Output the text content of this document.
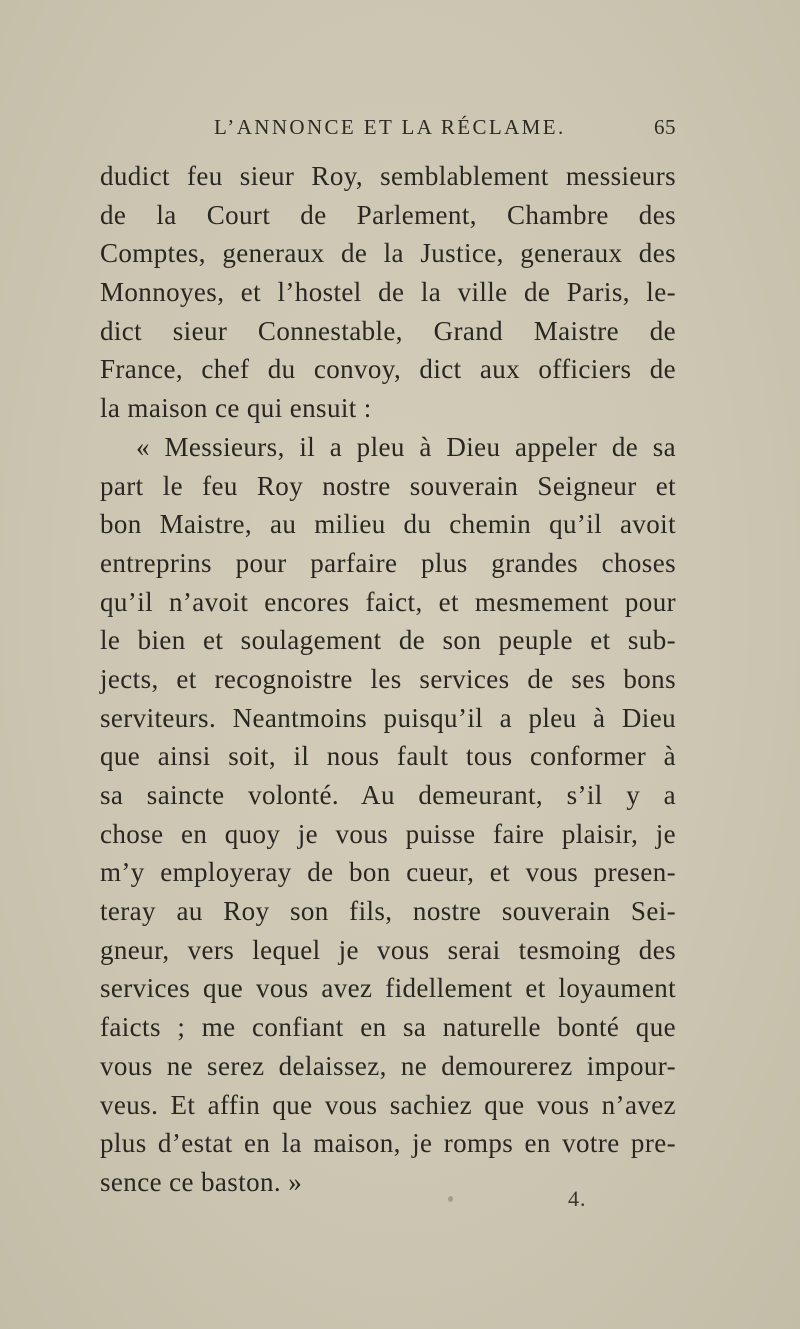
L’ANNONCE ET LA RÉCLAME.	65
dudict feu sieur Roy, semblablement messieurs
de la Court de Parlement, Chambre des
Comptes, generaux de la Justice, generaux des
Monnoyes, et l’hostel de la ville de Paris, le-
dict sieur Connestable, Grand Maistre de
France, chef du convoy, dict aux officiers de
la maison ce qui ensuit :
« Messieurs, il a pleu à Dieu appeler de sa
part le feu Roy nostre souverain Seigneur et
bon Maistre, au milieu du chemin qu’il avoit
entreprins pour parfaire plus grandes choses
qu’il n’avoit encores faict, et mesmement pour
le bien et soulagement de son peuple et sub-
jects, et recognoistre les services de ses bons
serviteurs. Neantmoins puisqu’il a pleu à Dieu
que ainsi soit, il nous fault tous conformer à
sa saincte volonté. Au demeurant, s’il y a
chose en quoy je vous puisse faire plaisir, je
m’y employeray de bon cueur, et vous presen-
teray au Roy son fils, nostre souverain Sei-
gneur, vers lequel je vous serai tesmoing des
services que vous avez fidellement et loyaument
faicts ; me confiant en sa naturelle bonté que
vous ne serez delaissez, ne demourerez impour-
veus. Et affin que vous sachiez que vous n’avez
plus d’estat en la maison, je romps en votre pre-
sence ce baston. »
4.
